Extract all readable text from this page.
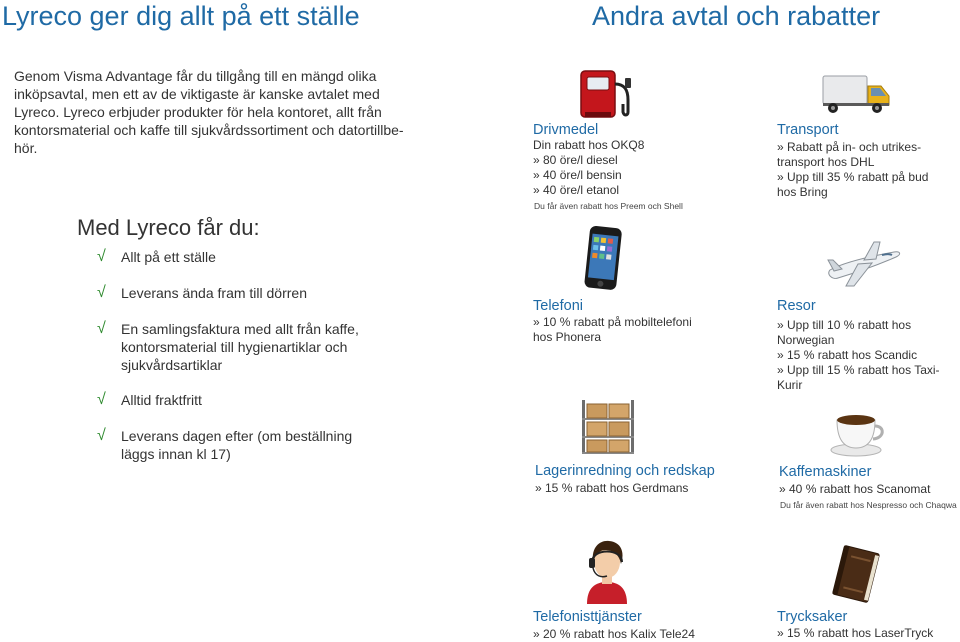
Lyreco ger dig allt på ett ställe
Genom Visma Advantage får du tillgång till en mängd olika
inköpsavtal, men ett av de viktigaste är kanske avtalet med
Lyreco. Lyreco erbjuder produkter för hela kontoret, allt från
kontorsmaterial och kaffe till sjukvårdssortiment och datortillbe-
hör.
Med Lyreco får du:
√ Allt på ett ställe
√ Leverans ända fram till dörren
√ En samlingsfaktura med allt från kaffe,
kontorsmaterial till hygienartiklar och
sjukvårdsartiklar
√ Alltid fraktfritt
√ Leverans dagen efter (om beställning
läggs innan kl 17)
Andra avtal och rabatter
Drivmedel
Din rabatt hos OKQ8
» 80 öre/l diesel
» 40 öre/l bensin
» 40 öre/l etanol
Du får även rabatt hos Preem och Shell
Transport
» Rabatt på in- och utrikes-
transport hos DHL
» Upp till 35 % rabatt på bud
hos Bring
Telefoni
» 10 % rabatt på mobiltelefoni
hos Phonera
Resor
» Upp till 10 % rabatt hos
Norwegian
» 15 % rabatt hos Scandic
» Upp till 15 % rabatt hos Taxi-
Kurir
Lagerinredning och redskap
» 15 % rabatt hos Gerdmans
Kaffemaskiner
» 40 % rabatt hos Scanomat
Du får även rabatt hos Nespresso och Chaqwa
Telefonisttjänster
» 20 % rabatt hos Kalix Tele24
Trycksaker
» 15 % rabatt hos LaserTryck
